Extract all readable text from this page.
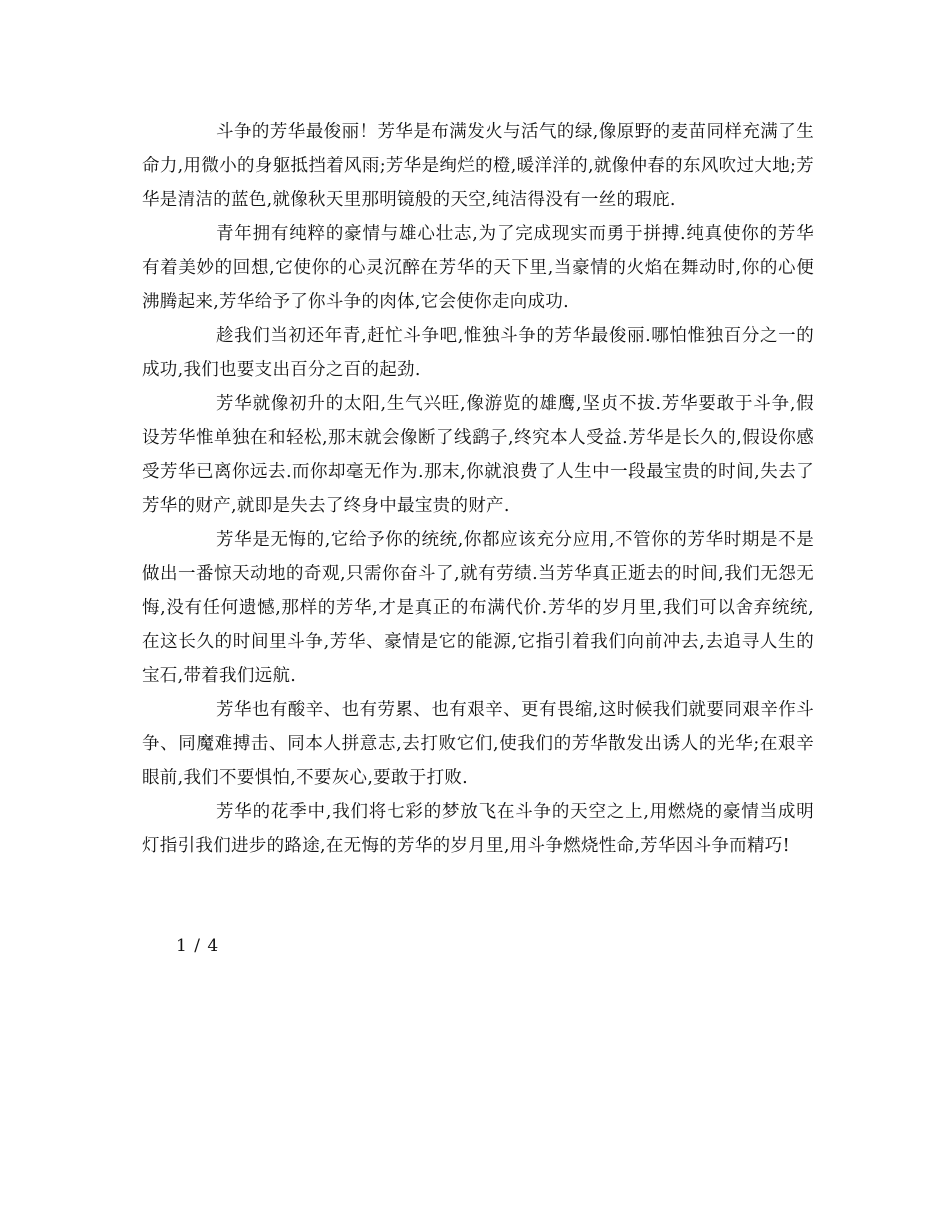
斗争的芳华最俊丽！芳华是布满发火与活气的绿,像原野的麦苗同样充满了生命力,用微小的身躯抵挡着风雨;芳华是绚烂的橙,暖洋洋的,就像仲春的东风吹过大地;芳华是清洁的蓝色,就像秋天里那明镜般的天空,纯洁得没有一丝的瑕庇.

青年拥有纯粹的豪情与雄心壮志,为了完成现实而勇于拼搏.纯真使你的芳华有着美妙的回想,它使你的心灵沉醉在芳华的天下里,当豪情的火焰在舞动时,你的心便沸腾起来,芳华给予了你斗争的肉体,它会使你走向成功.

趁我们当初还年青,赶忙斗争吧,惟独斗争的芳华最俊丽.哪怕惟独百分之一的成功,我们也要支出百分之百的起劲.

芳华就像初升的太阳,生气兴旺,像游览的雄鹰,坚贞不拔.芳华要敢于斗争,假设芳华惟单独在和轻松,那末就会像断了线鹞子,终究本人受益.芳华是长久的,假设你感受芳华已离你远去.而你却毫无作为.那末,你就浪费了人生中一段最宝贵的时间,失去了芳华的财产,就即是失去了终身中最宝贵的财产.

芳华是无悔的,它给予你的统统,你都应该充分应用,不管你的芳华时期是不是做出一番惊天动地的奇观,只需你奋斗了,就有劳绩.当芳华真正逝去的时间,我们无怨无悔,没有任何遗憾,那样的芳华,才是真正的布满代价.芳华的岁月里,我们可以舍弃统统,在这长久的时间里斗争,芳华、豪情是它的能源,它指引着我们向前冲去,去追寻人生的宝石,带着我们远航.

芳华也有酸辛、也有劳累、也有艰辛、更有畏缩,这时候我们就要同艰辛作斗争、同魔难搏击、同本人拼意志,去打败它们,使我们的芳华散发出诱人的光华;在艰辛眼前,我们不要惧怕,不要灰心,要敢于打败.

芳华的花季中,我们将七彩的梦放飞在斗争的天空之上,用燃烧的豪情当成明灯指引我们进步的路途,在无悔的芳华的岁月里,用斗争燃烧性命,芳华因斗争而精巧!

1 / 4
